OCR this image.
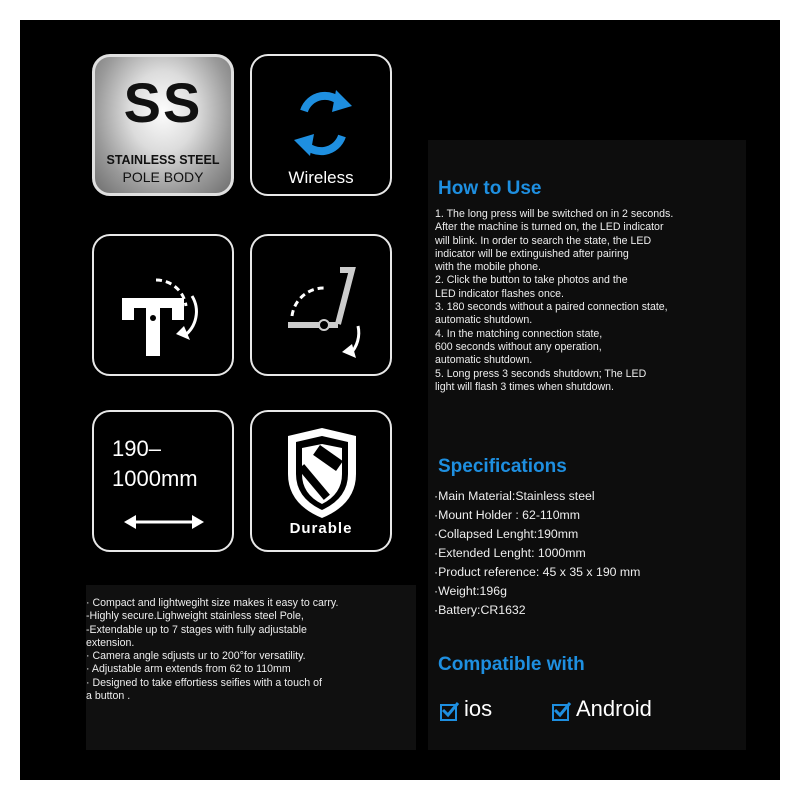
SS
STAINLESS STEEL
POLE BODY	Wireless
190–
1000mm
Durable
· Compact and lightwegiht size makes it easy to carry.
-Highly secure.Lighweight stainless steel Pole,
-Extendable up to 7 stages with fully adjustable
extension.
· Camera angle sdjusts ur to 200°for versatility.
· Adjustable arm extends from 62 to 110mm
· Designed to take effortiess seifies with a touch of
a button .
How to Use
1. The long press will be switched on in 2 seconds.
After the machine is turned on, the LED indicator
will blink. In order to search the state, the LED
indicator will be extinguished after pairing
with the mobile phone.
2. Click the button to take photos and the
LED indicator flashes once.
3. 180 seconds without a paired connection state,
automatic shutdown.
4. In the matching connection state,
600 seconds without any operation,
automatic shutdown.
5. Long press 3 seconds shutdown; The LED
light will flash 3 times when shutdown.
Specifications
·Main Material:Stainless steel
·Mount Holder : 62-110mm
·Collapsed Lenght:190mm
·Extended Lenght: 1000mm
·Product reference: 45 x 35 x 190 mm
·Weight:196g
·Battery:CR1632
Compatible with
ios	Android
